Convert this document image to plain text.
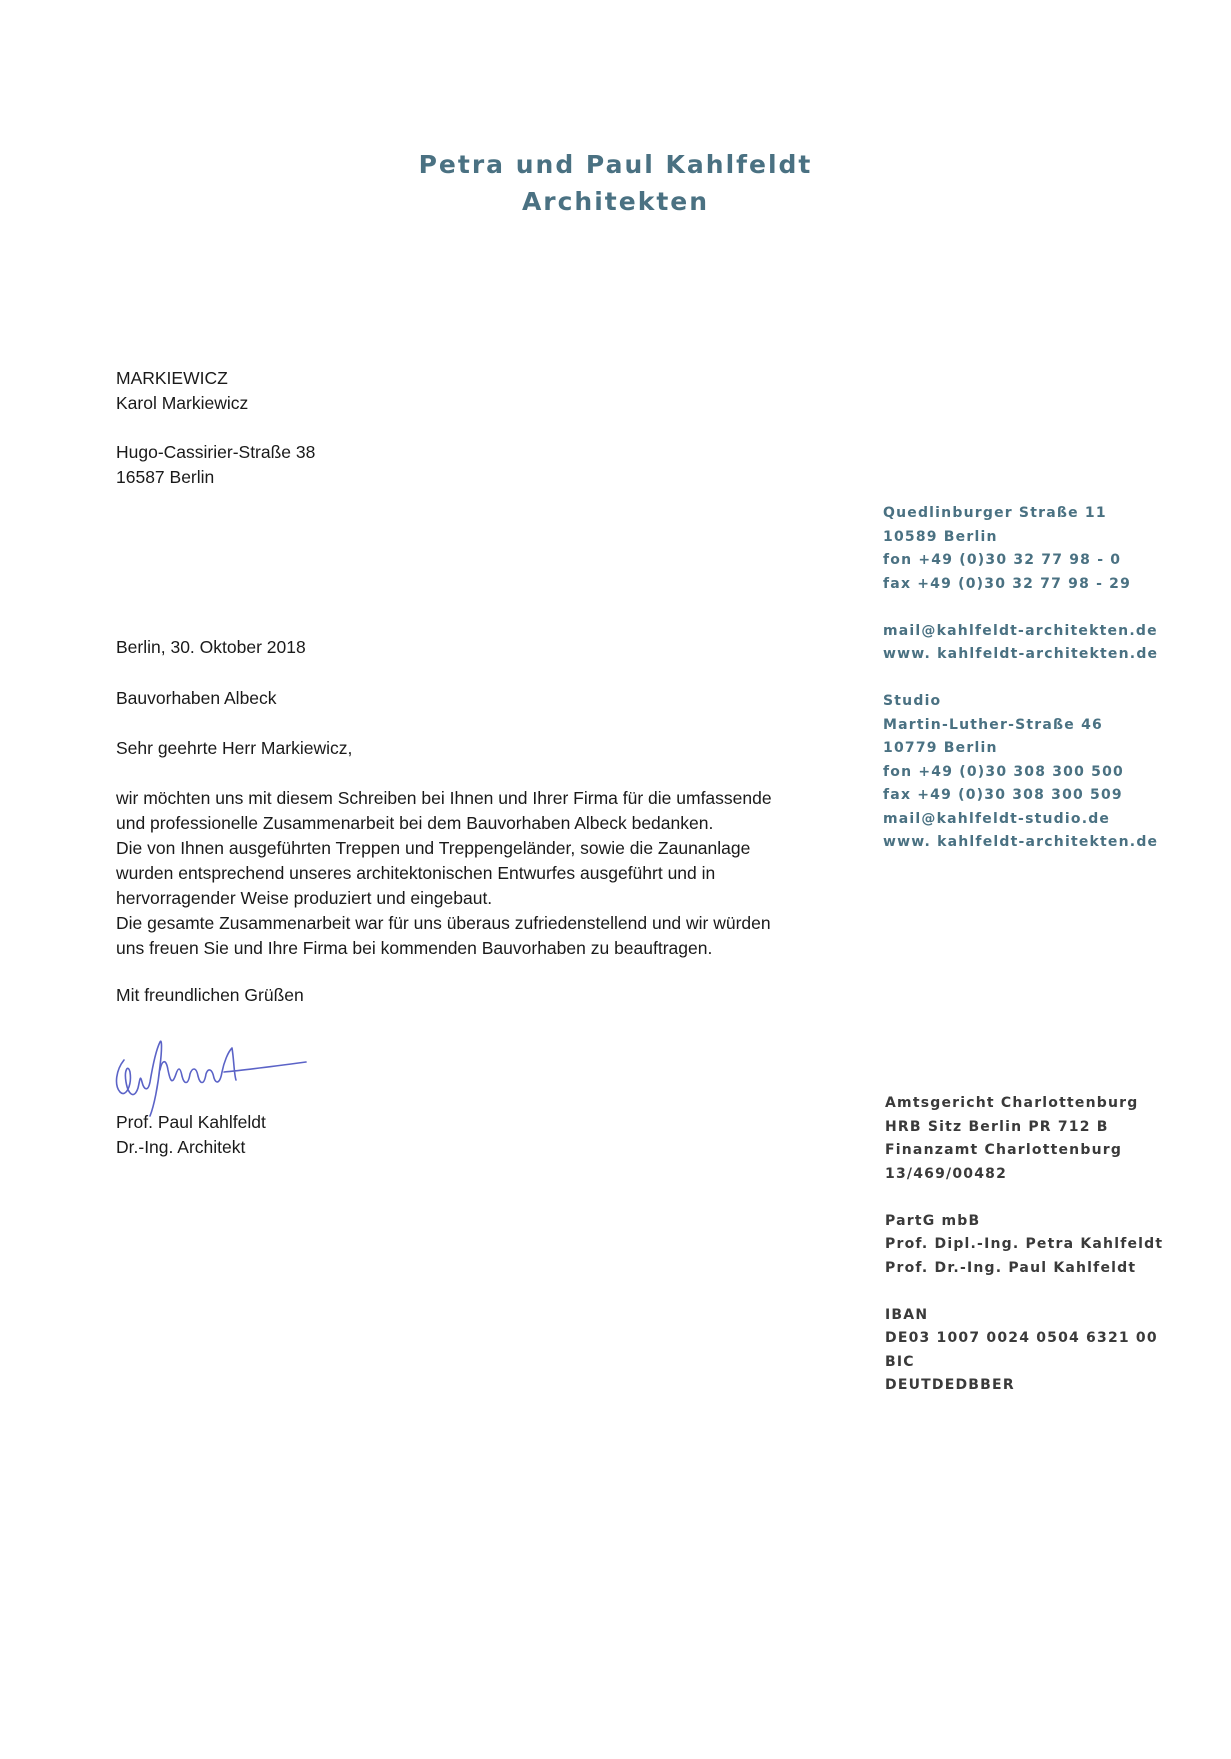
Petra und Paul Kahlfeldt
Architekten
MARKIEWICZ
Karol Markiewicz
Hugo-Cassirier-Straße 38
16587 Berlin
Berlin, 30. Oktober 2018
Bauvorhaben Albeck
Sehr geehrte Herr Markiewicz,
wir möchten uns mit diesem Schreiben bei Ihnen und Ihrer Firma für die umfassende
und professionelle Zusammenarbeit bei dem Bauvorhaben Albeck bedanken.
Die von Ihnen ausgeführten Treppen und Treppengeländer, sowie die Zaunanlage
wurden entsprechend unseres architektonischen Entwurfes ausgeführt und in
hervorragender Weise produziert und eingebaut.
Die gesamte Zusammenarbeit war für uns überaus zufriedenstellend und wir würden
uns freuen Sie und Ihre Firma bei kommenden Bauvorhaben zu beauftragen.
Mit freundlichen Grüßen
Prof. Paul Kahlfeldt
Dr.-Ing. Architekt
Quedlinburger Straße 11
10589 Berlin
fon +49 (0)30 32 77 98 - 0
fax +49 (0)30 32 77 98 - 29
mail@kahlfeldt-architekten.de
www. kahlfeldt-architekten.de
Studio
Martin-Luther-Straße 46
10779 Berlin
fon +49 (0)30 308 300 500
fax +49 (0)30 308 300 509
mail@kahlfeldt-studio.de
www. kahlfeldt-architekten.de
Amtsgericht Charlottenburg
HRB Sitz Berlin PR 712 B
Finanzamt Charlottenburg
13/469/00482
PartG mbB
Prof. Dipl.-Ing. Petra Kahlfeldt
Prof. Dr.-Ing. Paul Kahlfeldt
IBAN
DE03 1007 0024 0504 6321 00
BIC
DEUTDEDBBER
